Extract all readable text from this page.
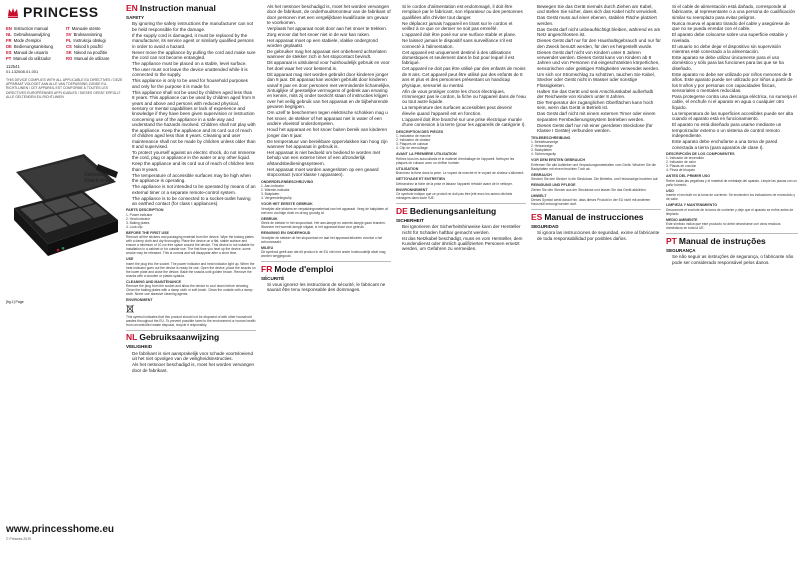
PRINCESS
EN Instruction manual	IT Manuale utente
NL Gebruiksaanwijzing	SV Bruksanvisning
FR Mode d'emploi	PL Instrukcja obsługi
DE Bedienungsanleitung	CS Návod k použití
ES Manual de usuario	SK Návod na použitie
PT Manual do utilizador	RO Manual de utilizare
112541
01.132608.01.001
THIS DEVICE COMPLIES WITH ALL APPLICABLE EU DIRECTIVES / DEZE APPARAAT VOLDOET AAN ALLE VAN TOEPASSING ZIJNDE EU-RICHTLIJNEN / CET APPAREIL EST CONFORME À TOUTES LES DIRECTIVES EUROPÉENNES APPLICABLES / DIESES GERÄT ERFÜLLT ALLE GELTENDEN EU-RICHTLINIEN
Samosa &
Snack maker
[fig.1] Page
www.princesshome.eu
© Princess 2019
EN Instruction manual
SAFETY
• By ignoring the safety instructions the manufacturer can not be held responsible for the damage.
• If the supply cord is damaged, it must be replaced by the manufacturer, its service agent or similarly qualified persons in order to avoid a hazard.
• Never move the appliance by pulling the cord and make sure the cord can not become entangled.
• The appliance must be placed on a stable, level surface.
• The user must not leave the device unattended while it is connected to the supply.
• This appliance is only to be used for household purposes and only for the purpose it is made for.
• This appliance shall not be used by children aged less than 8 years. This appliance can be used by children aged from 8 years and above and persons with reduced physical, sensory or mental capabilities or lack of experience and knowledge if they have been given supervision or instruction concerning use of the appliance in a safe way and understand the hazards involved. Children shall not play with the appliance. Keep the appliance and its cord out of reach of children aged less than 8 years. Cleaning and user maintenance shall not be made by children unless older than 8 and supervised.
• To protect yourself against an electric shock, do not immerse the cord, plug or appliance in the water or any other liquid.
• Keep the appliance and its cord out of reach of children less than 8 years.
• The temperature of accessible surfaces may be high when the appliance is operating.
• The appliance is not intended to be operated by means of an external timer or a separate remote-control system.
• The appliance is to be connected to a socket-outlet having an earthed contact (for class I appliances).
PARTS DESCRIPTION
1. Power indicator
2. Heat indicator
3. Baking plates
4. Lock clip
BEFORE THE FIRST USE

Remove all the stickers and packaging material from the device. Wipe the baking plates with a damp cloth and dry thoroughly. Place the device on a flat, stable surface and ensure a minimum of 10 cm free space around the device. This device is not suitable for installation in a cabinet or for outside use. The first time you heat up the device, some smoke may be released. This is normal and will disappear after a short time.

USE

Insert the plug into the socket. The power indicator and heat indicator light up. When the heat indicator goes out the device is ready for use. Open the device, place the snacks on the lower plate and close the device. Bake the snacks until golden brown. Remove the snacks with a wooden or plastic spatula.

CLEANING AND MAINTENANCE

Remove the plug from the socket and allow the device to cool down before cleaning. Clean the baking plates with a damp cloth or soft brush. Clean the outside with a damp cloth. Never use abrasive cleaning agents.

ENVIRONMENT

This symbol indicates that this product should not be disposed of with other household wastes throughout the EU. To prevent possible harm to the environment or human health from uncontrolled waste disposal, recycle it responsibly.

NL Gebruiksaanwijzing
VEILIGHEID
• De fabrikant is niet aansprakelijk voor schade voortvloeiend uit het niet opvolgen van de veiligheidsinstructies.
• Als het netsnoer beschadigd is, moet het worden vervangen door de fabrikant.
• Als het netsnoer beschadigd is, moet het worden vervangen door de fabrikant, de onderhoudsmonteur van de fabrikant of door personen met een vergelijkbare kwalificatie om gevaar te voorkomen.
• Verplaats het apparaat nooit door aan het snoer te trekken. Zorg ervoor dat het snoer niet in de war kan raken.
• Het apparaat moet op een stabiele, vlakke ondergrond worden geplaatst.
• De gebruiker mag het apparaat niet onbeheerd achterlaten wanneer de stekker zich in het stopcontact bevindt.
• Dit apparaat is uitsluitend voor huishoudelijk gebruik en voor het doel waar het voor bestemd is.
• Dit apparaat mag niet worden gebruikt door kinderen jonger dan 8 jaar. Dit apparaat kan worden gebruikt door kinderen vanaf 8 jaar en door personen met verminderde lichamelijke, zintuiglijke of geestelijke vermogens of gebrek aan ervaring en kennis, mits zij onder toezicht staan of instructies krijgen over het veilig gebruik van het apparaat en de bijbehorende gevaren begrijpen.
• Om uzelf te beschermen tegen elektrische schokken mag u het snoer, de stekker of het apparaat niet in water of een andere vloeistof onderdompelen.
• Houd het apparaat en het snoer buiten bereik van kinderen jonger dan 8 jaar.
• De temperatuur van bereikbare oppervlakken kan hoog zijn wanneer het apparaat in gebruik is.
• Het apparaat is niet bedoeld om bediend te worden met behulp van een externe timer of een afzonderlijk afstandsbedieningssysteem.
• Het apparaat moet worden aangesloten op een geaard stopcontact (voor klasse I apparaten).
ONDERDELENBESCHRIJVING
1. Aan-indicator
2. Warmte-indicator
3. Bakplaten
4. Vergrendelingsclip
VOOR HET EERSTE GEBRUIK

Verwijder alle stickers en verpakkingsmateriaal van het apparaat. Veeg de bakplaten af met een vochtige doek en droog grondig af.

GEBRUIK

Steek de stekker in het stopcontact. Het aan-lampje en warmte-lampje gaan branden. Wanneer het warmte-lampje uitgaat, is het apparaat klaar voor gebruik.

REINIGING EN ONDERHOUD

Verwijder de stekker uit het stopcontact en laat het apparaat afkoelen voordat u het schoonmaakt.

MILIEU

Dit symbool geeft aan dat dit product in de EU niet met ander huishoudelijk afval mag worden weggegooid.

FR Mode d'emploi
SÉCURITÉ
• Si vous ignorez les instructions de sécurité, le fabricant ne saurait être tenu responsable des dommages.
• Si le cordon d'alimentation est endommagé, il doit être remplacé par le fabricant, son réparateur ou des personnes qualifiées afin d'éviter tout danger.
• Ne déplacez jamais l'appareil en tirant sur le cordon et veillez à ce que ce dernier ne soit pas emmêlé.
• L'appareil doit être posé sur une surface stable et plane.
• Ne laissez jamais le dispositif sans surveillance s'il est connecté à l'alimentation.
• Cet appareil est uniquement destiné à des utilisations domestiques et seulement dans le but pour lequel il est fabriqué.
• Cet appareil ne doit pas être utilisé par des enfants de moins de 8 ans. Cet appareil peut être utilisé par des enfants de 8 ans et plus et des personnes présentant un handicap physique, sensoriel ou mental.
• Afin de vous protéger contre les chocs électriques, n'immergez pas le cordon, la fiche ou l'appareil dans de l'eau ou tout autre liquide.
• La température des surfaces accessibles peut devenir élevée quand l'appareil est en fonction.
• L'appareil doit être branché sur une prise électrique murale d'une connexion à la terre (pour les appareils de catégorie I).
DESCRIPTION DES PIÈCES
1. Indicateur de marche
2. Indicateur de chaleur
3. Plaques de cuisson
4. Clip de verrouillage
AVANT LA PREMIÈRE UTILISATION

Retirez tous les autocollants et le matériel d'emballage de l'appareil. Nettoyez les plaques de cuisson avec un chiffon humide.

UTILISATION

Branchez la fiche dans la prise. Le voyant de marche et le voyant de chaleur s'allument.

NETTOYAGE ET ENTRETIEN

Débranchez la fiche de la prise et laissez l'appareil refroidir avant de le nettoyer.

ENVIRONNEMENT

Ce symbole indique que ce produit ne doit pas être jeté avec les autres déchets ménagers dans toute l'UE.

DE Bedienungsanleitung
SICHERHEIT
• Bei Ignorieren der Sicherheitshinweise kann der Hersteller nicht für Schäden haftbar gemacht werden.
• Ist das Netzkabel beschädigt, muss es vom Hersteller, dem Kundendienst oder ähnlich qualifizierten Personen ersetzt werden, um Gefahren zu vermeiden.
• Bewegen Sie das Gerät niemals durch Ziehen am Kabel, und stellen Sie sicher, dass sich das Kabel nicht verwickelt.
• Das Gerät muss auf einer ebenen, stabilen Fläche platziert werden.
• Das Gerät darf nicht unbeaufsichtigt bleiben, während es am Netz angeschlossen ist.
• Dieses Gerät darf nur für den Haushaltsgebrauch und nur für den Zweck benutzt werden, für den es hergestellt wurde.
• Dieses Gerät darf nicht von Kindern unter 8 Jahren verwendet werden. Dieses Gerät kann von Kindern ab 8 Jahren und von Personen mit eingeschränkten körperlichen, sensorischen oder geistigen Fähigkeiten verwendet werden.
• Um sich vor Stromschlag zu schützen, tauchen Sie Kabel, Stecker oder Gerät nicht in Wasser oder sonstige Flüssigkeiten.
• Halten Sie das Gerät und sein Anschlusskabel außerhalb der Reichweite von Kindern unter 8 Jahren.
• Die Temperatur der zugänglichen Oberflächen kann hoch sein, wenn das Gerät in Betrieb ist.
• Das Gerät darf nicht mit einem externen Timer oder einem separaten Fernbedienungssystem betrieben werden.
• Dieses Gerät darf nur mit einer geerdeten Steckdose (für Klasse I Geräte) verbunden werden.
TEILEBESCHREIBUNG
1. Betriebsanzeige
2. Heizanzeige
3. Backplatten
4. Sicherungsclip
VOR DEM ERSTEN GEBRAUCH

Entfernen Sie alle Aufkleber und Verpackungsmaterialien vom Gerät. Wischen Sie die Backplatten mit einem feuchten Tuch ab.

GEBRAUCH

Stecken Sie den Stecker in die Steckdose. Die Betriebs- und Heizanzeige leuchten auf.

REINIGUNG UND PFLEGE

Ziehen Sie den Stecker aus der Steckdose und lassen Sie das Gerät abkühlen.

UMWELT

Dieses Symbol weist darauf hin, dass dieses Produkt in der EU nicht mit anderem Hausmüll entsorgt werden darf.

ES Manual de instrucciones
SEGURIDAD
• Si ignora las instrucciones de seguridad, exime al fabricante de toda responsabilidad por posibles daños.
• Si el cable de alimentación está dañado, corresponde al fabricante, al representante o a una persona de cualificación similar su reemplazo para evitar peligros.
• Nunca mueva el aparato tirando del cable y asegúrese de que no se pueda enredar con el cable.
• El aparato debe colocarse sobre una superficie estable y nivelada.
• El usuario no debe dejar el dispositivo sin supervisión mientras esté conectado a la alimentación.
• Este aparato se debe utilizar únicamente para el uso doméstico y sólo para las funciones para las que se ha diseñado.
• Este aparato no debe ser utilizado por niños menores de 8 años. Este aparato puede ser utilizado por niños a partir de los 8 años y por personas con capacidades físicas, sensoriales o mentales reducidas.
• Para protegerse contra una descarga eléctrica, no sumerja el cable, el enchufe ni el aparato en agua o cualquier otro líquido.
• La temperatura de las superficies accesibles puede ser alta cuando el aparato está en funcionamiento.
• El aparato no está diseñado para usarse mediante un temporizador externo o un sistema de control remoto independiente.
• Este aparato debe enchufarse a una toma de pared conectada a tierra (para aparatos de clase I).
DESCRIPCIÓN DE LOS COMPONENTES
1. Indicador de encendido
2. Indicador de calor
3. Placas de cocción
4. Pinza de bloqueo
ANTES DEL PRIMER USO

Retire todas las pegatinas y el material de embalaje del aparato. Limpie las placas con un paño húmedo.

USO

Inserte el enchufe en la toma de corriente. Se encienden los indicadores de encendido y de calor.

LIMPIEZA Y MANTENIMIENTO

Desconecte el enchufe de la toma de corriente y deje que el aparato se enfríe antes de limpiarlo.

MEDIO AMBIENTE

Este símbolo indica que este producto no debe desecharse con otros residuos domésticos en toda la UE.

PT Manual de instruções
SEGURANÇA
• Se não seguir as instruções de segurança, o fabricante não pode ser considerado responsável pelos danos.
